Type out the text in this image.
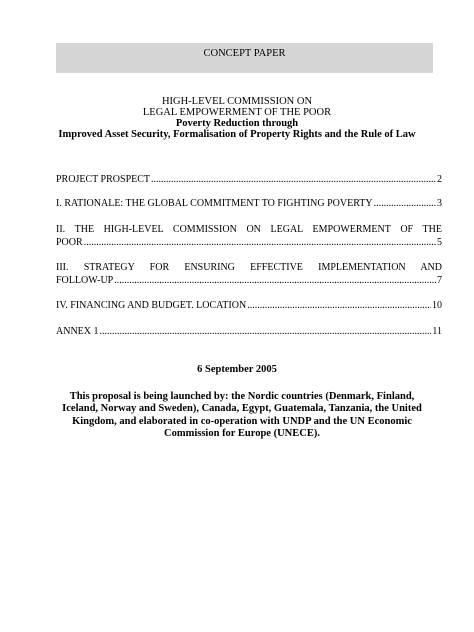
CONCEPT PAPER
HIGH-LEVEL COMMISSION ON
LEGAL EMPOWERMENT OF THE POOR
Poverty Reduction through
Improved Asset Security, Formalisation of Property Rights and the Rule of Law
PROJECT PROSPECT .....	2
I. RATIONALE: THE GLOBAL COMMITMENT TO FIGHTING POVERTY .....	3
II. THE HIGH-LEVEL COMMISSION ON LEGAL EMPOWERMENT OF THE
POOR .....	5
III. STRATEGY FOR ENSURING EFFECTIVE IMPLEMENTATION AND
FOLLOW-UP .....	7
IV. FINANCING AND BUDGET. LOCATION .....	10
ANNEX 1 .....	11
6 September 2005
This proposal is being launched by: the Nordic countries (Denmark, Finland,
Iceland, Norway and Sweden), Canada, Egypt, Guatemala, Tanzania, the United
Kingdom, and elaborated in co-operation with UNDP and the UN Economic
Commission for Europe (UNECE).
